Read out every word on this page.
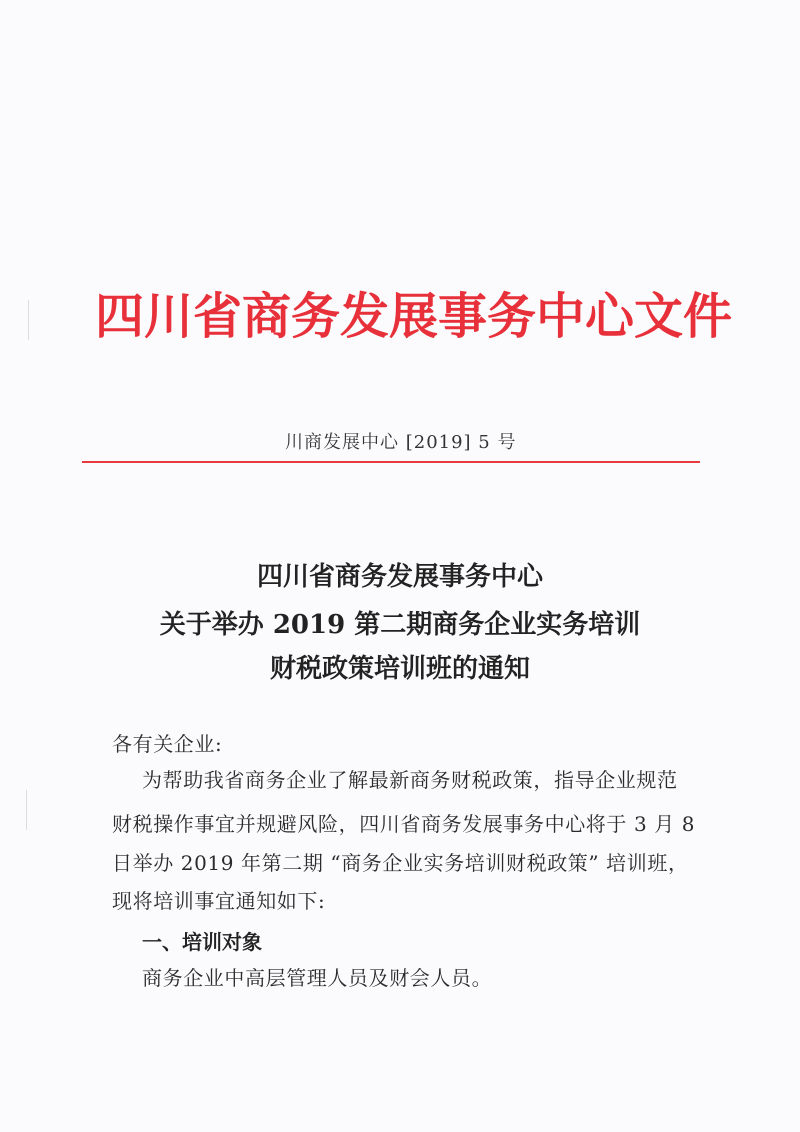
四川省商务发展事务中心文件
川商发展中心 [2019] 5 号
四川省商务发展事务中心
关于举办 2019 第二期商务企业实务培训
财税政策培训班的通知
各有关企业:
为帮助我省商务企业了解最新商务财税政策，指导企业规范
财税操作事宜并规避风险，四川省商务发展事务中心将于 3 月 8
日举办 2019 年第二期 “商务企业实务培训财税政策” 培训班，
现将培训事宜通知如下:
一、培训对象
商务企业中高层管理人员及财会人员。
